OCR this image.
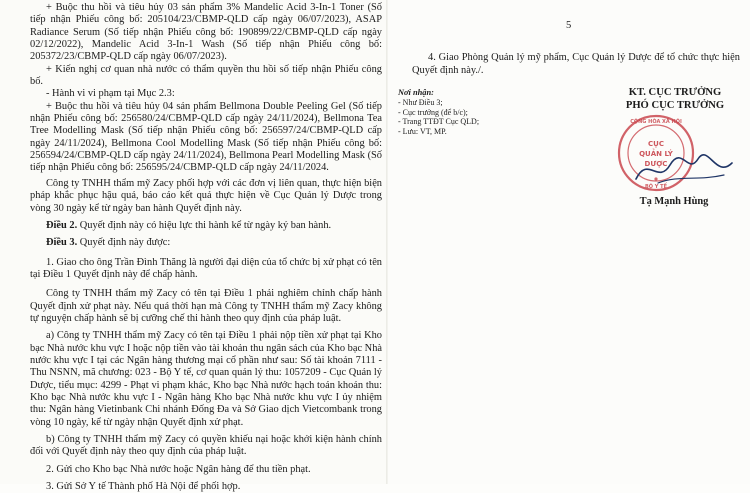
+ Buộc thu hồi và tiêu hủy 03 sản phẩm 3% Mandelic Acid 3-In-1 Toner (Số tiếp nhận Phiếu công bố: 205104/23/CBMP-QLD cấp ngày 06/07/2023), ASAP Radiance Serum (Số tiếp nhận Phiếu công bố: 190899/22/CBMP-QLD cấp ngày 02/12/2022), Mandelic Acid 3-In-1 Wash (Số tiếp nhận Phiếu công bố: 205372/23/CBMP-QLD cấp ngày 06/07/2023).

+ Kiến nghị cơ quan nhà nước có thẩm quyền thu hồi số tiếp nhận Phiếu công bố.

- Hành vi vi phạm tại Mục 2.3:

+ Buộc thu hồi và tiêu hủy 04 sản phẩm Bellmona Double Peeling Gel (Số tiếp nhận Phiếu công bố: 256580/24/CBMP-QLD cấp ngày 24/11/2024), Bellmona Tea Tree Modelling Mask (Số tiếp nhận Phiếu công bố: 256597/24/CBMP-QLD cấp ngày 24/11/2024), Bellmona Cool Modelling Mask (Số tiếp nhận Phiếu công bố: 256594/24/CBMP-QLD cấp ngày 24/11/2024), Bellmona Pearl Modelling Mask (Số tiếp nhận Phiếu công bố: 256595/24/CBMP-QLD cấp ngày 24/11/2024.

Công ty TNHH thẩm mỹ Zacy phối hợp với các đơn vị liên quan, thực hiện biện pháp khắc phục hậu quả, báo cáo kết quả thực hiện về Cục Quản lý Dược trong vòng 30 ngày kể từ ngày ban hành Quyết định này.

Điều 2. Quyết định này có hiệu lực thi hành kể từ ngày ký ban hành.

Điều 3. Quyết định này được:

1. Giao cho ông Trần Đình Thăng là người đại diện của tổ chức bị xử phạt có tên tại Điều 1 Quyết định này để chấp hành.

Công ty TNHH thẩm mỹ Zacy có tên tại Điều 1 phải nghiêm chỉnh chấp hành Quyết định xử phạt này. Nếu quá thời hạn mà Công ty TNHH thẩm mỹ Zacy không tự nguyện chấp hành sẽ bị cưỡng chế thi hành theo quy định của pháp luật.

a) Công ty TNHH thẩm mỹ Zacy có tên tại Điều 1 phải nộp tiền xử phạt tại Kho bạc Nhà nước khu vực I hoặc nộp tiền vào tài khoản thu ngân sách của Kho bạc Nhà nước khu vực I tại các Ngân hàng thương mại cổ phần như sau: Số tài khoản 7111 - Thu NSNN, mã chương: 023 - Bộ Y tế, cơ quan quản lý thu: 1057209 - Cục Quản lý Dược, tiểu mục: 4299 - Phạt vi phạm khác, Kho bạc Nhà nước hạch toán khoản thu: Kho bạc Nhà nước khu vực I - Ngân hàng Kho bạc Nhà nước khu vực I ủy nhiệm thu: Ngân hàng Vietinbank Chi nhánh Đống Đa và Sở Giao dịch Vietcombank trong vòng 10 ngày, kể từ ngày nhận Quyết định xử phạt.

b) Công ty TNHH thẩm mỹ Zacy có quyền khiếu nại hoặc khởi kiện hành chính đối với Quyết định này theo quy định của pháp luật.

2. Gửi cho Kho bạc Nhà nước hoặc Ngân hàng để thu tiền phạt.

3. Gửi Sở Y tế Thành phố Hà Nội để phối hợp.

5

4. Giao Phòng Quản lý mỹ phẩm, Cục Quản lý Dược để tổ chức thực hiện Quyết định này./.

Nơi nhận:
- Như Điều 3;
- Cục trưởng (để b/c);
- Trang TTĐT Cục QLD;
- Lưu: VT, MP.
KT. CỤC TRƯỞNG
PHÓ CỤC TRƯỞNG
CỘNG HÒA XÃ HỘI
BỘ Y TẾ
CỤC
QUẢN LÝ
DƯỢC
Tạ Mạnh Hùng
